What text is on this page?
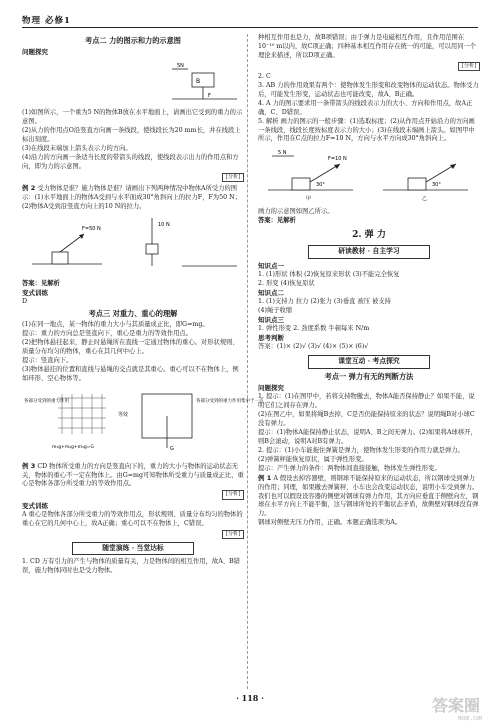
物理 必修1
考点二 力的图示和力的示意图
问题探究
B
F
5N

(1)如图所示，一个重为5 N的物体B放在水平地面上，请画出它受到的重力的示意图。

(2)从力的作用点O沿竖直方向画一条线段，使线段长为20 mm长，并在线段上标出刻度。

(3)在线段末端加上箭头表示力的方向。

(4)沿力的方向画一条适当长度的带箭头的线段，使线段表示出力的作用点和方向，即为力的示意图。

[分析]

例 2 受力物体是谁？施力物体是谁？请画出下列两种情况中物体A所受力的图示：(1)水平地面上的物体A受到与水平面成30°角斜向上的拉力F，F为50 N；(2)物体A受到沿竖直方向上的10 N的拉力。

F=50 N
10 N

答案：见解析

变式训练

D

考点三 对重力、重心的理解

(1)在同一地点，某一物体的重力大小与其质量成正比，即G=mg。

提示：重力的方向总是竖直向下，重心是重力的等效作用点。

(2)把物体悬挂起来，静止时悬绳所在直线一定通过物体的重心。对形状规则、质量分布均匀的物体，重心在其几何中心上。

提示：竖直向下。

(3)物体悬挂的位置和直线与悬绳的交点就是其重心。重心可以不在物体上，例如环形、空心物体等。

各部分受到的重力作用
G
等效
各部分受到的重力作用集中于一点
m₁g+m₂g+m₃g=G

例 3 CD 物体所受重力的方向是竖直向下的，重力的大小与物体的运动状态无关，物体的重心不一定在物体上。由G=mg可知物体所受重力与质量成正比，重心是物体各部分所受重力的等效作用点。

[分析]
变式训练

A 重心是物体各部分所受重力的等效作用点，形状规则、质量分布均匀的物体的重心在它的几何中心上，故A正确；重心可以不在物体上，C错误。

[分析]
随堂演练 · 当堂达标

1. CD 万有引力的产生与物体的质量有关，力是物体间的相互作用，故A、B错误，施力物体同时也是受力物体。

种相互作用也是力，故B项错误；由于弹力是电磁相互作用，且作用范围在10⁻¹⁰ m以内，故C项正确；四种基本相互作用存在统一的可能，可以用同一个理论来描述，所以D项正确。

[分析]

2. C

3. AB 力的作用效果有两个：使物体发生形变和改变物体的运动状态。物体受力后，可能发生形变，运动状态也可能改变，故A、B正确。

4. A 力的图示要求用一条带箭头的线段表示力的大小、方向和作用点，故A正确，C、D错误。

5. 解析 画力的图示的一般步骤：(1)选取标度；(2)从作用点开始沿力的方向画一条线段，线段长度按标度表示力的大小；(3)在线段末端画上箭头。如图甲中所示，作用在C点的拉力F=10 N，方向与水平方向成30°角斜向上。

5 N
F=10 N
30°
甲
30°
乙

画力的示意图如图乙所示。

答案：见解析

2. 弹 力
研读教材 · 自主学习
知识点一

1. (1)形状 体积 (2)恢复原来形状 (3)不能完全恢复

2. 形变 (4)恢复原状

知识点二

1. (1)支持力 拉力 (2)张力 (3)垂直 被压 被支持

(4)绳子收缩

知识点三

1. 弹性形变 2. 劲度系数 牛顿每米 N/m

思考判断

答案：(1)× (2)√ (3)√ (4)× (5)× (6)√

课堂互动 · 考点探究
考点一 弹力有无的判断方法
问题探究

1. 提示：(1)在图甲中，若将支持物撤去，物体A能否保持静止？如果不能，说明它们之间存在弹力。

(2)在图乙中，如果将绳B去掉，C是否仍能保持原来的状态？说明绳B对小球C没有弹力。

提示：(1)物体A能保持静止状态，说明A、B之间无弹力。(2)如果将A球移开，则B会滚动，说明A对B有弹力。

2. 提示：(1)小车能拖住弹簧是弹力，使物体发生形变的作用力就是弹力。

(2)弹簧秤能恢复原状，属于弹性形变。

提示：产生弹力的条件：两物体间直接接触，物体发生弹性形变。

例 1 A 假设去掉容器壁，则钢球不能保持原来的运动状态，所以钢球受到弹力的作用；同理，如果撤去弹簧秤，小车也会改变运动状态，说明小车受到弹力。

我们也可以假设设容器的侧壁对钢球有弹力作用，其方向应垂直于侧壁向左，钢球在水平方向上不能平衡，这与钢球所处的平衡状态矛盾，故侧壁对钢球没有弹力。

钢球对侧壁无压力作用，正确。本题正确选项为A。

· 118 ·	答案圈
MXQE.COM
